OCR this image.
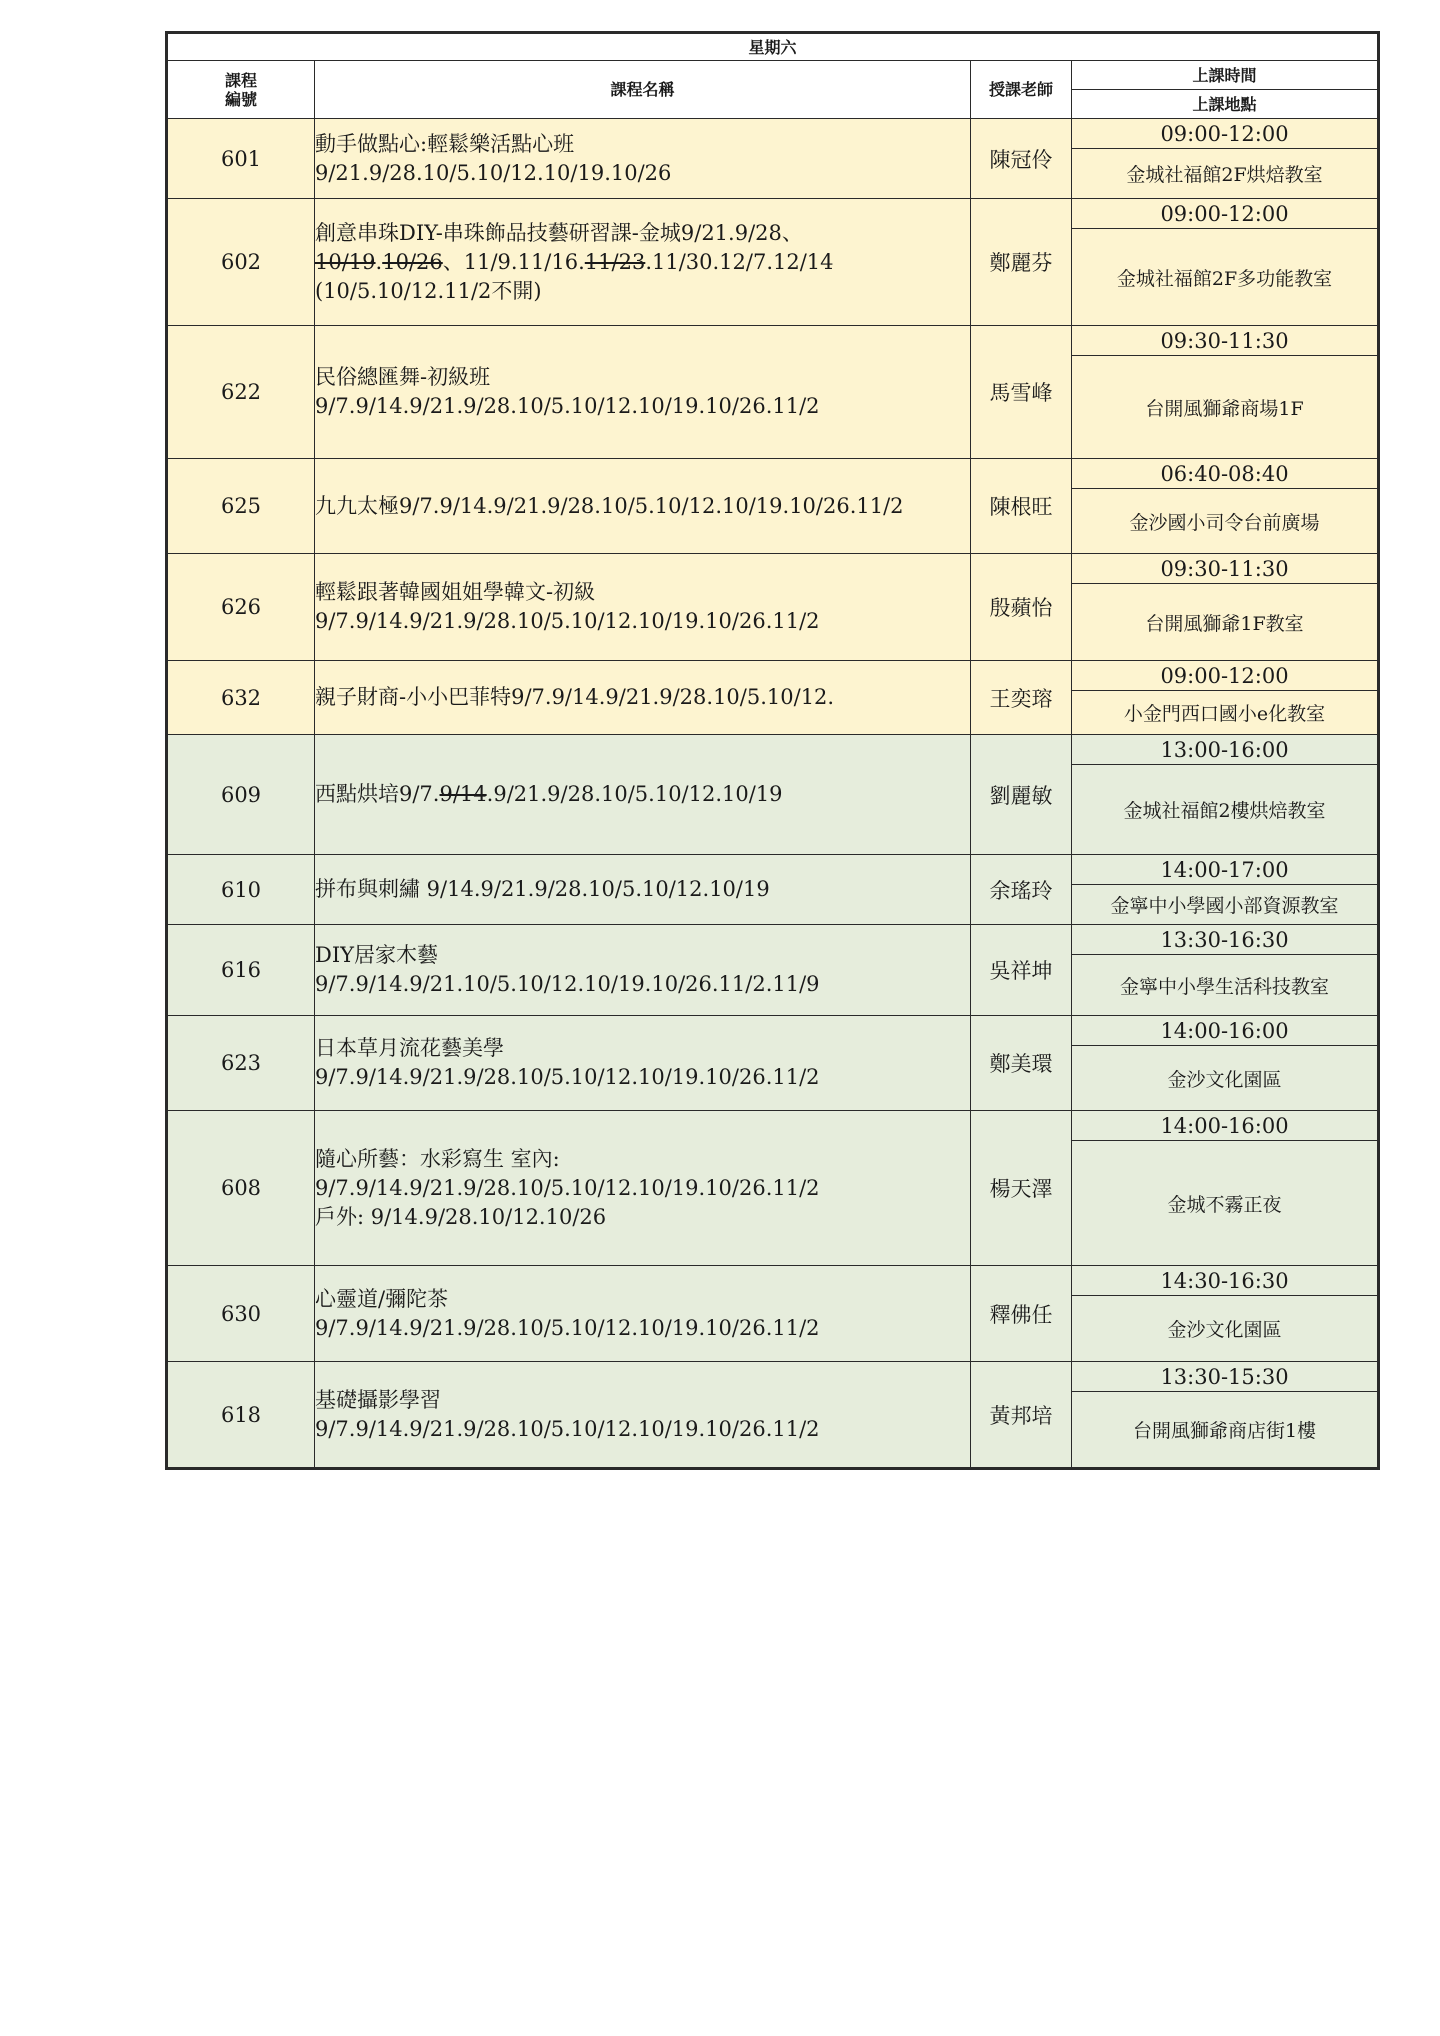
星期六			

課程
編號	課程名稱	授課老師	上課時間
			上課地點
601	動手做點心:輕鬆樂活點心班
9/21.9/28.10/5.10/12.10/19.10/26	陳冠伶	09:00-12:00
			金城社福館2F烘焙教室
602	創意串珠DIY-串珠飾品技藝研習課-金城9/21.9/28、
10/19.10/26、11/9.11/16.11/23.11/30.12/7.12/14
(10/5.10/12.11/2不開)	鄭麗芬	09:00-12:00
			金城社福館2F多功能教室
622	民俗總匯舞-初級班
9/7.9/14.9/21.9/28.10/5.10/12.10/19.10/26.11/2	馬雪峰	09:30-11:30
			台開風獅爺商場1F
625	九九太極9/7.9/14.9/21.9/28.10/5.10/12.10/19.10/26.11/2	陳根旺	06:40-08:40
			金沙國小司令台前廣場
626	輕鬆跟著韓國姐姐學韓文-初級
9/7.9/14.9/21.9/28.10/5.10/12.10/19.10/26.11/2	殷蘋怡	09:30-11:30
			台開風獅爺1F教室
632	親子財商-小小巴菲特9/7.9/14.9/21.9/28.10/5.10/12.	王奕瑢	09:00-12:00
			小金門西口國小e化教室
609	西點烘培9/7.9/14.9/21.9/28.10/5.10/12.10/19	劉麗敏	13:00-16:00
			金城社福館2樓烘焙教室
610	拼布與刺繡 9/14.9/21.9/28.10/5.10/12.10/19	余瑤玲	14:00-17:00
			金寧中小學國小部資源教室
616	DIY居家木藝
9/7.9/14.9/21.10/5.10/12.10/19.10/26.11/2.11/9	吳祥坤	13:30-16:30
			金寧中小學生活科技教室
623	日本草月流花藝美學
9/7.9/14.9/21.9/28.10/5.10/12.10/19.10/26.11/2	鄭美環	14:00-16:00
			金沙文化園區
608	隨心所藝：水彩寫生 室內:
9/7.9/14.9/21.9/28.10/5.10/12.10/19.10/26.11/2
戶外: 9/14.9/28.10/12.10/26	楊天澤	14:00-16:00
			金城不霧正夜
630	心靈道/彌陀茶
9/7.9/14.9/21.9/28.10/5.10/12.10/19.10/26.11/2	釋佛任	14:30-16:30
			金沙文化園區
618	基礎攝影學習
9/7.9/14.9/21.9/28.10/5.10/12.10/19.10/26.11/2	黃邦培	13:30-15:30
			台開風獅爺商店街1樓
